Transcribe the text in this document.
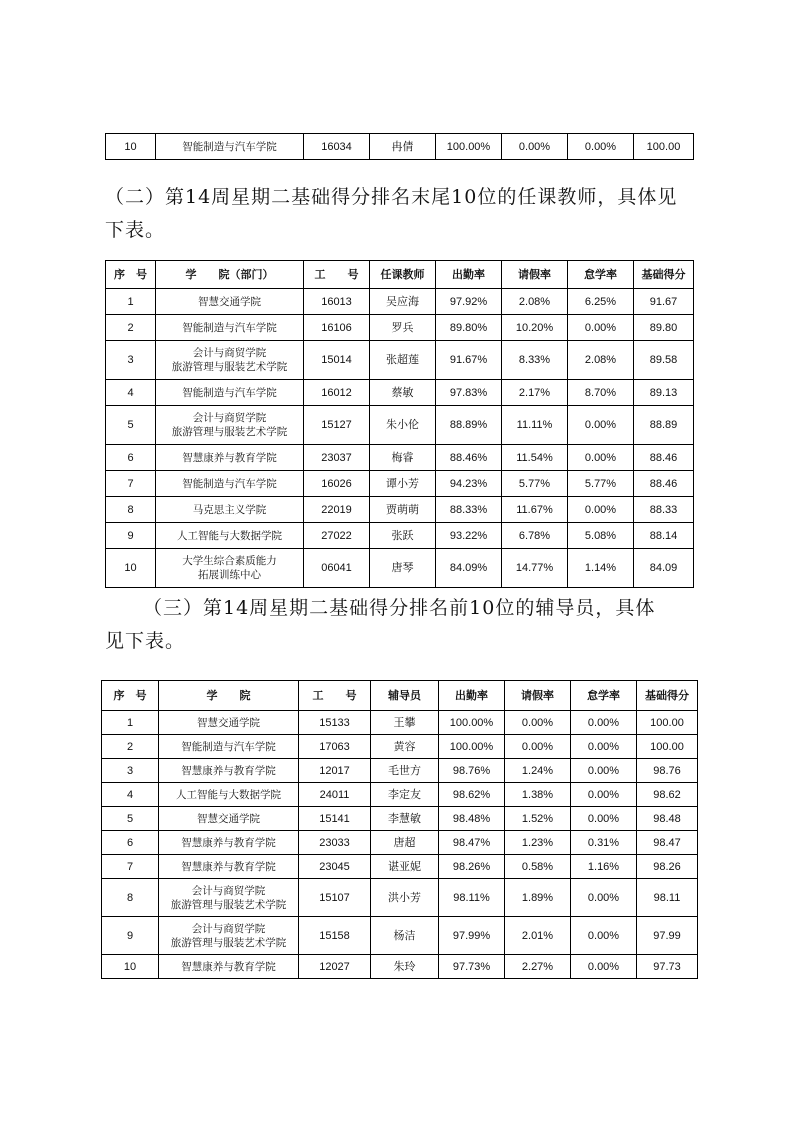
10	智能制造与汽车学院	16034	冉倩	100.00%	0.00%	0.00%	100.00
（二）第14周星期二基础得分排名末尾10位的任课教师，具体见
下表。
序　号	学　　院（部门）	工　　号	任课教师	出勤率	请假率	怠学率	基础得分

1	智慧交通学院	16013	吴应海	97.92%	2.08%	6.25%	91.67

2	智能制造与汽车学院	16106	罗兵	89.80%	10.20%	0.00%	89.80

3	会计与商贸学院
旅游管理与服装艺术学院	15014	张超莲	91.67%	8.33%	2.08%	89.58

4	智能制造与汽车学院	16012	蔡敏	97.83%	2.17%	8.70%	89.13

5	会计与商贸学院
旅游管理与服装艺术学院	15127	朱小伦	88.89%	11.11%	0.00%	88.89

6	智慧康养与教育学院	23037	梅睿	88.46%	11.54%	0.00%	88.46

7	智能制造与汽车学院	16026	谭小芳	94.23%	5.77%	5.77%	88.46

8	马克思主义学院	22019	贾萌萌	88.33%	11.67%	0.00%	88.33

9	人工智能与大数据学院	27022	张跃	93.22%	6.78%	5.08%	88.14

10	大学生综合素质能力
拓展训练中心	06041	唐琴	84.09%	14.77%	1.14%	84.09
（三）第14周星期二基础得分排名前10位的辅导员，具体
见下表。
序　号	学　　院	工　　号	辅导员	出勤率	请假率	怠学率	基础得分

1	智慧交通学院	15133	王攀	100.00%	0.00%	0.00%	100.00

2	智能制造与汽车学院	17063	黄容	100.00%	0.00%	0.00%	100.00

3	智慧康养与教育学院	12017	毛世方	98.76%	1.24%	0.00%	98.76

4	人工智能与大数据学院	24011	李定友	98.62%	1.38%	0.00%	98.62

5	智慧交通学院	15141	李慧敏	98.48%	1.52%	0.00%	98.48

6	智慧康养与教育学院	23033	唐超	98.47%	1.23%	0.31%	98.47

7	智慧康养与教育学院	23045	谌亚妮	98.26%	0.58%	1.16%	98.26

8	会计与商贸学院
旅游管理与服装艺术学院	15107	洪小芳	98.11%	1.89%	0.00%	98.11

9	会计与商贸学院
旅游管理与服装艺术学院	15158	杨洁	97.99%	2.01%	0.00%	97.99

10	智慧康养与教育学院	12027	朱玲	97.73%	2.27%	0.00%	97.73
